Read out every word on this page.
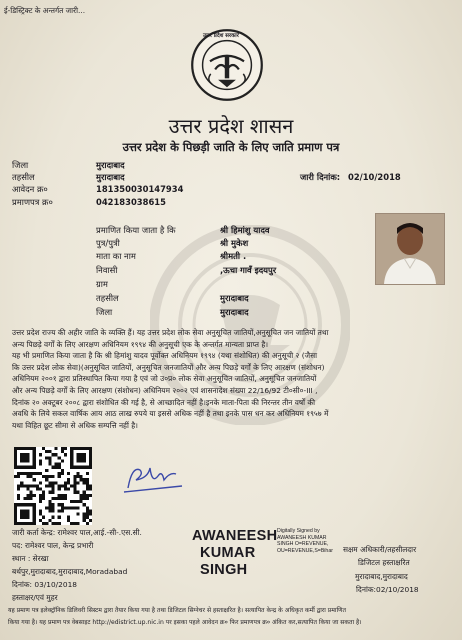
ई-डिस्ट्रिक्ट के अन्तर्गत जारी...
उत्तर प्रदेश सरकार
उत्तर प्रदेश शासन
उत्तर प्रदेश के पिछड़ी जाति के लिए जाति प्रमाण पत्र
जिला	मुरादाबाद
तहसील	मुरादाबाद	जारी दिनांक: 02/10/2018
आवेदन क्र०	181350030147934
प्रमाणपत्र क्र०	042183038615
प्रमाणित किया जाता है कि	श्री हिमांशु यादव
पुत्र/पुत्री	श्री मुकेश
माता का नाम	श्रीमती .
निवासी	,ऊचा गावँ इदयपुर
ग्राम
तहसील	मुरादाबाद
जिला	मुरादाबाद
उत्तर प्रदेश राज्य की अहीर जाति के व्यक्ति हैं। यह उत्तर प्रदेश लोक सेवा अनुसूचित जातियों,अनुसूचित जन जातियों तथा
अन्य पिछड़े वर्गों के लिए आरक्षण अधिनियम १९९४ की अनुसूची एक के अन्तर्गत मान्यता प्राप्त है।
यह भी प्रमाणित किया जाता है कि श्री हिमांशु यादव पूर्वोक्त अधिनियम १९९४ (यथा संशोधित) की अनुसूची २ (जैसा
कि उत्तर प्रदेश लोक सेवा)(अनुसूचित जातियों, अनुसूचित जनजातियों और अन्य पिछड़े वर्गों के लिए आरक्षण (संशोधन)
अधिनियम २००१ द्वारा प्रतिस्थापित किया गया है एवं जो उ०प्र० लोक सेवा अनुसूचित जातियों, अनुसूचित जनजातियों
और अन्य पिछड़े वर्गों के लिए आरक्षण (संशोधन) अधिनियम २००२ एवं शासनादेश संख्या 22/16/92 टी०सी०-III ,
दिनांक २० अक्टूबर २००८ द्वारा संशोधित की गई है, से आच्छादित नहीं है।इनके माता-पिता की निरन्तर तीन वर्षों की
अवधि के लिये सकल वार्षिक आय आठ लाख रुपये या इससे अधिक नहीं है तथा इनके पास धन कर अधिनियम १९५७ में
यथा विहित छूट सीमा से अधिक सम्पत्ति नहीं है।
जारी कर्ता केन्द्र: रामेश्वर पाल,आई.-सी-.एस.सी.
पद: रामेश्वर पाल, केन्द्र प्रभारी
स्थान : सेरखा
बर्थपुर,मुरादाबाद,मुरादाबाद,Moradabad
दिनांक: 03/10/2018
हस्ताक्षर/एवं मुहर
AWANEESH
KUMAR
SINGH
Digitally Signed by
AWANEESH KUMAR
SINGH O=REVENUE,
OU=REVENUE,S=Bihar सक्षम अधिकारी/तहसीलदार
डिजिटल हस्ताक्षरित
मुरादाबाद,मुरादाबाद
दिनांक:02/10/2018
यह प्रमाण पत्र इलेक्ट्रॉनिक डिलिवरी सिस्टम द्वारा तैयार किया गया है तथा डिजिटल सिग्नेचर से हस्ताक्षरित है। सत्यापित केन्द्र के अधिकृत कर्मी द्वारा प्रमाणित
किया गया है। यह प्रमाण पत्र वेबसाइट http://edistrict.up.nic.in पर इसका पहले आवेदन क्र० फिर प्रमाणपत्र क्र० अंकित कर,सत्यापित किया जा सकता है।
